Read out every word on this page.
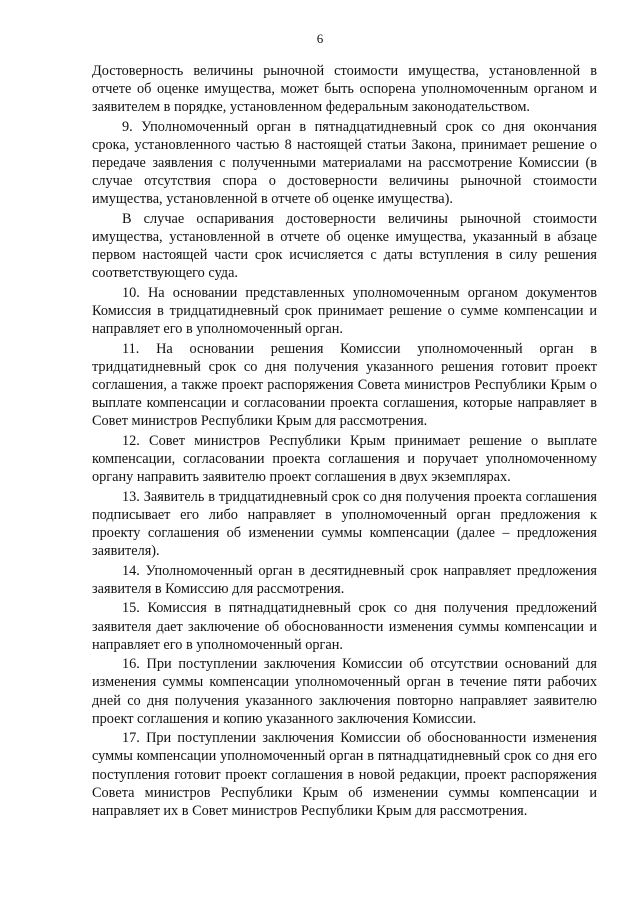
6

Достоверность величины рыночной стоимости имущества, установленной в отчете об оценке имущества, может быть оспорена уполномоченным органом и заявителем в порядке, установленном федеральным законодательством.

9. Уполномоченный орган в пятнадцатидневный срок со дня окончания срока, установленного частью 8 настоящей статьи Закона, принимает решение о передаче заявления с полученными материалами на рассмотрение Комиссии (в случае отсутствия спора о достоверности величины рыночной стоимости имущества, установленной в отчете об оценке имущества).

В случае оспаривания достоверности величины рыночной стоимости имущества, установленной в отчете об оценке имущества, указанный в абзаце первом настоящей части срок исчисляется с даты вступления в силу решения соответствующего суда.

10. На основании представленных уполномоченным органом документов Комиссия в тридцатидневный срок принимает решение о сумме компенсации и направляет его в уполномоченный орган.

11. На основании решения Комиссии уполномоченный орган в тридцатидневный срок со дня получения указанного решения готовит проект соглашения, а также проект распоряжения Совета министров Республики Крым о выплате компенсации и согласовании проекта соглашения, которые направляет в Совет министров Республики Крым для рассмотрения.

12. Совет министров Республики Крым принимает решение о выплате компенсации, согласовании проекта соглашения и поручает уполномоченному органу направить заявителю проект соглашения в двух экземплярах.

13. Заявитель в тридцатидневный срок со дня получения проекта соглашения подписывает его либо направляет в уполномоченный орган предложения к проекту соглашения об изменении суммы компенсации (далее – предложения заявителя).

14. Уполномоченный орган в десятидневный срок направляет предложения заявителя в Комиссию для рассмотрения.

15. Комиссия в пятнадцатидневный срок со дня получения предложений заявителя дает заключение об обоснованности изменения суммы компенсации и направляет его в уполномоченный орган.

16. При поступлении заключения Комиссии об отсутствии оснований для изменения суммы компенсации уполномоченный орган в течение пяти рабочих дней со дня получения указанного заключения повторно направляет заявителю проект соглашения и копию указанного заключения Комиссии.

17. При поступлении заключения Комиссии об обоснованности изменения суммы компенсации уполномоченный орган в пятнадцатидневный срок со дня его поступления готовит проект соглашения в новой редакции, проект распоряжения Совета министров Республики Крым об изменении суммы компенсации и направляет их в Совет министров Республики Крым для рассмотрения.
